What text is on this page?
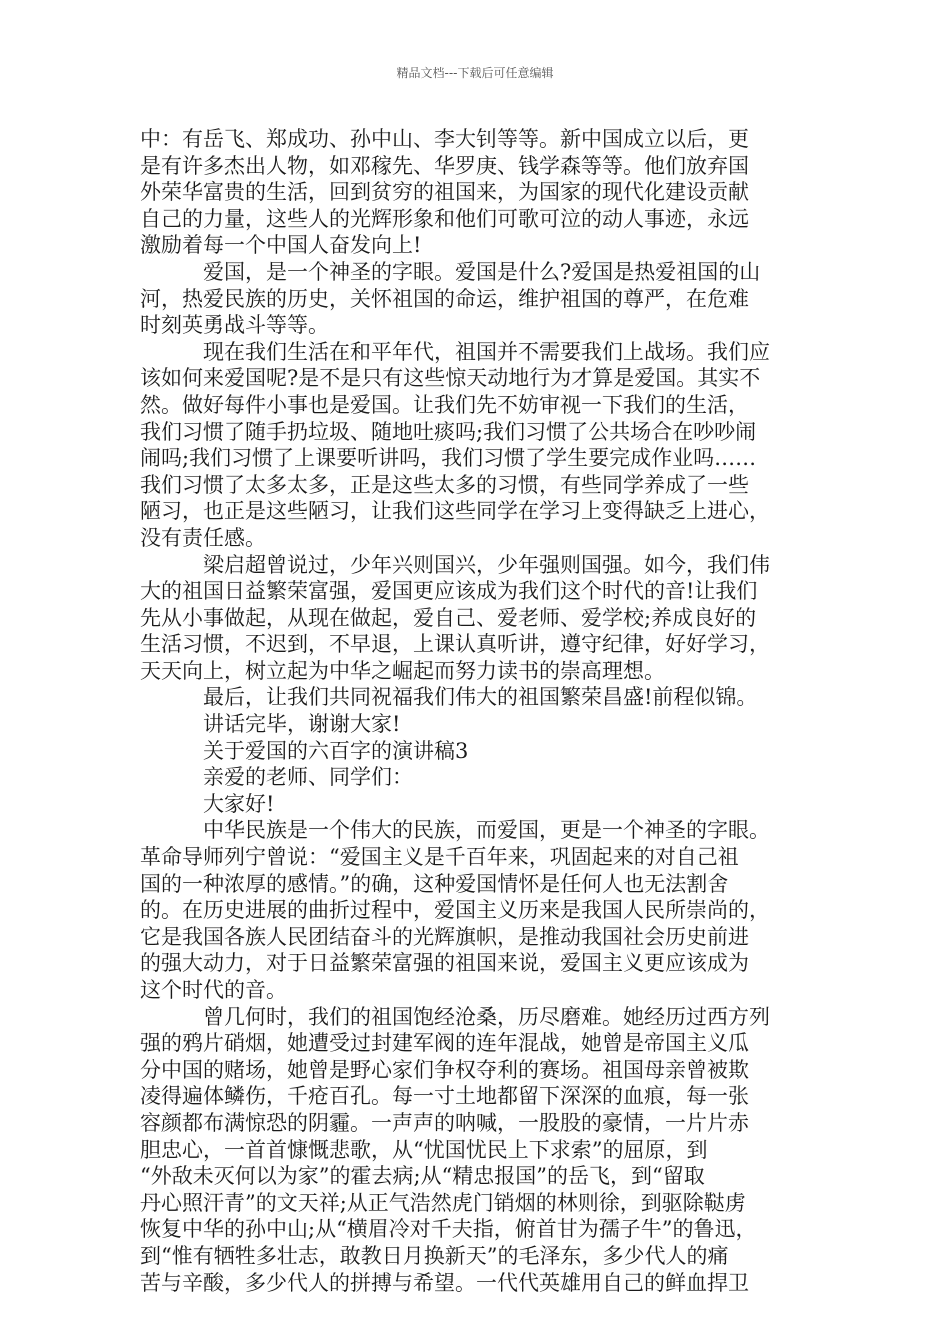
精品文档---下载后可任意编辑
中：有岳飞、郑成功、孙中山、李大钊等等。新中国成立以后，更
是有许多杰出人物，如邓稼先、华罗庚、钱学森等等。他们放弃国
外荣华富贵的生活，回到贫穷的祖国来，为国家的现代化建设贡献
自己的力量，这些人的光辉形象和他们可歌可泣的动人事迹，永远
激励着每一个中国人奋发向上!
爱国，是一个神圣的字眼。爱国是什么?爱国是热爱祖国的山
河，热爱民族的历史，关怀祖国的命运，维护祖国的尊严，在危难
时刻英勇战斗等等。
现在我们生活在和平年代，祖国并不需要我们上战场。我们应
该如何来爱国呢?是不是只有这些惊天动地行为才算是爱国。其实不
然。做好每件小事也是爱国。让我们先不妨审视一下我们的生活，
我们习惯了随手扔垃圾、随地吐痰吗;我们习惯了公共场合在吵吵闹
闹吗;我们习惯了上课要听讲吗，我们习惯了学生要完成作业吗……
我们习惯了太多太多，正是这些太多的习惯，有些同学养成了一些
陋习，也正是这些陋习，让我们这些同学在学习上变得缺乏上进心，
没有责任感。
梁启超曾说过，少年兴则国兴，少年强则国强。如今，我们伟
大的祖国日益繁荣富强，爱国更应该成为我们这个时代的音!让我们
先从小事做起，从现在做起，爱自己、爱老师、爱学校;养成良好的
生活习惯，不迟到，不早退，上课认真听讲，遵守纪律，好好学习，
天天向上，树立起为中华之崛起而努力读书的崇高理想。
最后，让我们共同祝福我们伟大的祖国繁荣昌盛!前程似锦。
讲话完毕，谢谢大家!
关于爱国的六百字的演讲稿3
亲爱的老师、同学们：
大家好!
中华民族是一个伟大的民族，而爱国，更是一个神圣的字眼。
革命导师列宁曾说：“爱国主义是千百年来，巩固起来的对自己祖
国的一种浓厚的感情。”的确，这种爱国情怀是任何人也无法割舍
的。在历史进展的曲折过程中，爱国主义历来是我国人民所崇尚的，
它是我国各族人民团结奋斗的光辉旗帜，是推动我国社会历史前进
的强大动力，对于日益繁荣富强的祖国来说，爱国主义更应该成为
这个时代的音。
曾几何时，我们的祖国饱经沧桑，历尽磨难。她经历过西方列
强的鸦片硝烟，她遭受过封建军阀的连年混战，她曾是帝国主义瓜
分中国的赌场，她曾是野心家们争权夺利的赛场。祖国母亲曾被欺
凌得遍体鳞伤，千疮百孔。每一寸土地都留下深深的血痕，每一张
容颜都布满惊恐的阴霾。一声声的呐喊，一股股的豪情，一片片赤
胆忠心，一首首慷慨悲歌，从“忧国忧民上下求索”的屈原，到
“外敌未灭何以为家”的霍去病;从“精忠报国”的岳飞，到“留取
丹心照汗青”的文天祥;从正气浩然虎门销烟的林则徐，到驱除鞑虏
恢复中华的孙中山;从“横眉冷对千夫指，俯首甘为孺子牛”的鲁迅，
到“惟有牺牲多壮志，敢教日月换新天”的毛泽东，多少代人的痛
苦与辛酸，多少代人的拼搏与希望。一代代英雄用自己的鲜血捍卫
